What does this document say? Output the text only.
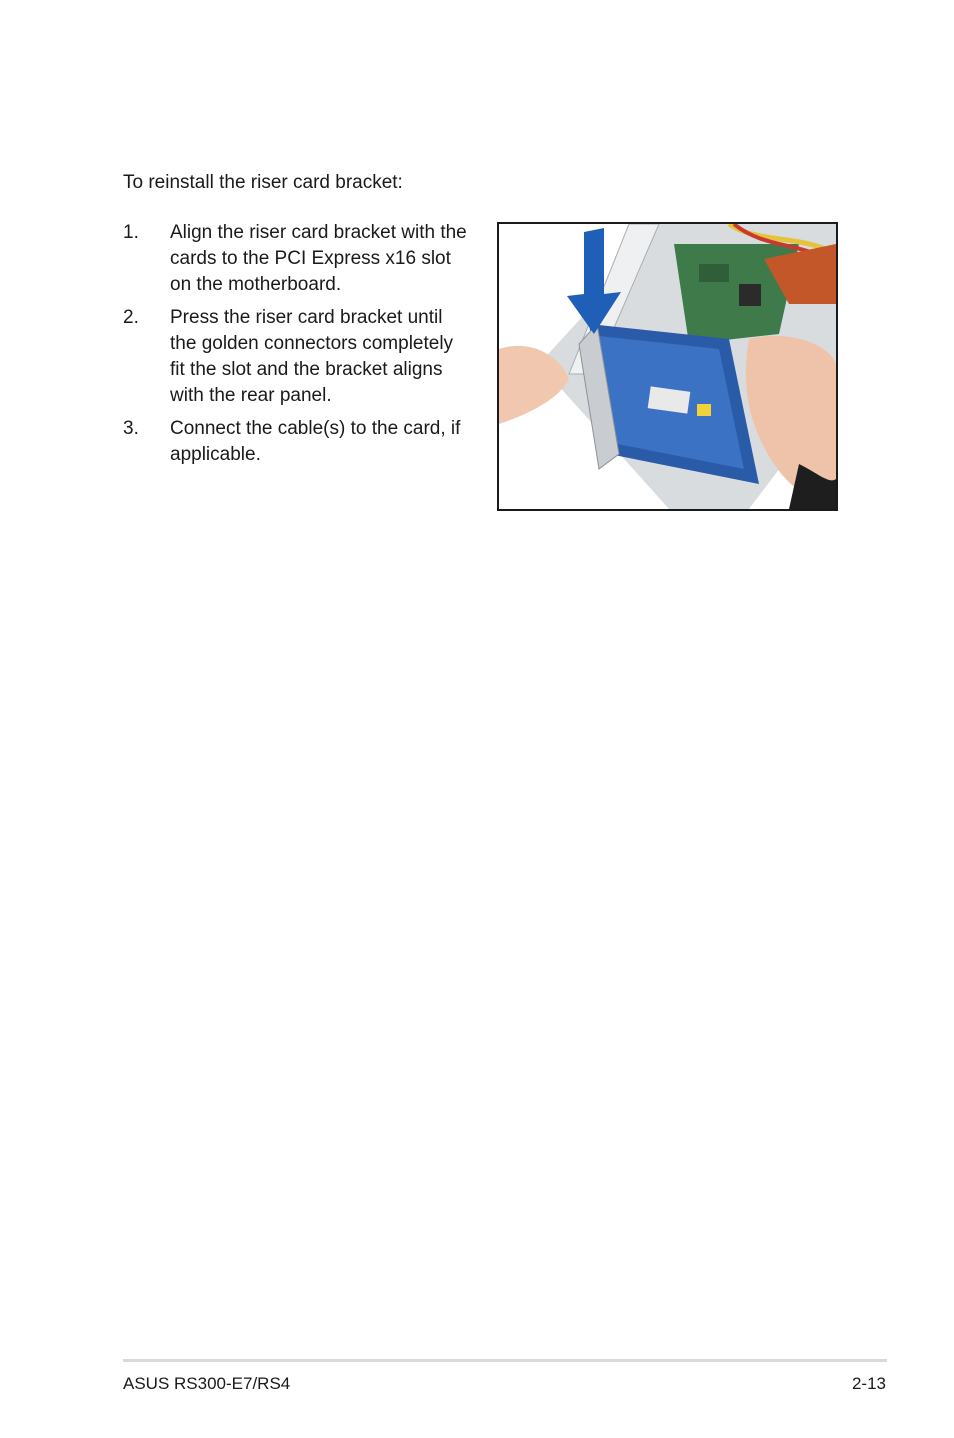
To reinstall the riser card bracket:

1.	Align the riser card bracket with the
cards to the PCI Express x16 slot
on the motherboard.
2.	Press the riser card bracket until
the golden connectors completely
fit the slot and the bracket aligns
with the rear panel.
3.	Connect the cable(s) to the card, if
applicable.
ASUS RS300-E7/RS4	2-13
